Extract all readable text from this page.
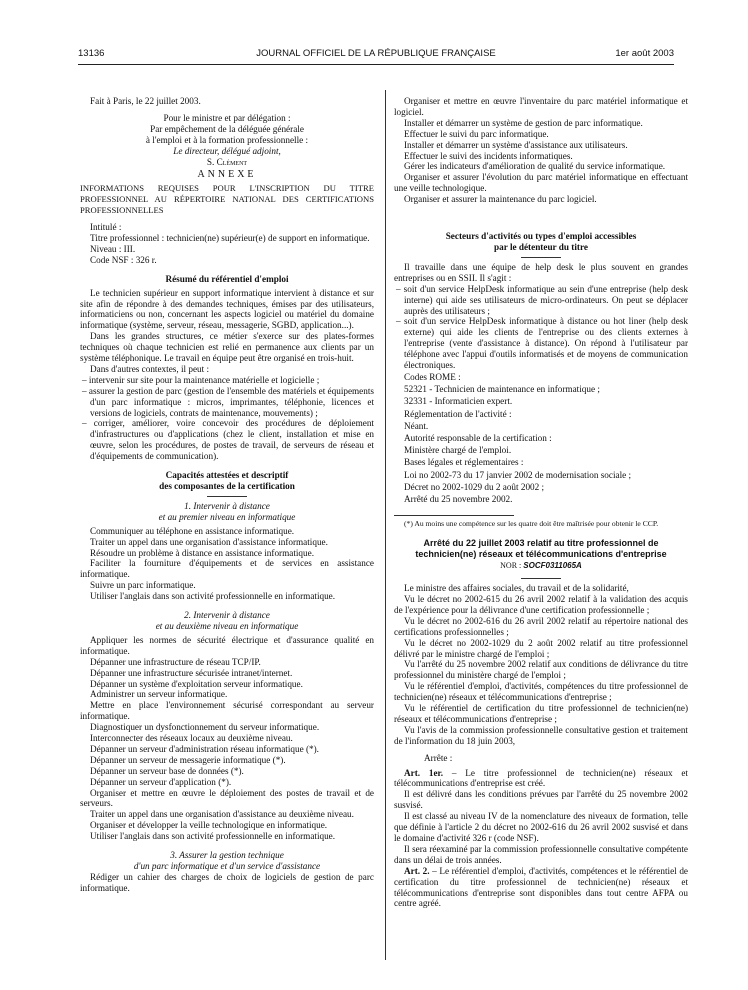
13136	JOURNAL OFFICIEL DE LA RÉPUBLIQUE FRANÇAISE	1er août 2003

Fait à Paris, le 22 juillet 2003.

Pour le ministre et par délégation :

Par empêchement de la déléguée générale

à l'emploi et à la formation professionnelle :

Le directeur, délégué adjoint,

S. Clément

ANNEXE

INFORMATIONS REQUISES POUR L'INSCRIPTION DU TITRE PROFESSIONNEL AU RÉPERTOIRE NATIONAL DES CERTIFICATIONS PROFESSIONNELLES

Intitulé :

Titre professionnel : technicien(ne) supérieur(e) de support en informatique.

Niveau : III.

Code NSF : 326 r.

Résumé du référentiel d'emploi

Le technicien supérieur en support informatique intervient à distance et sur site afin de répondre à des demandes techniques, émises par des utilisateurs, informaticiens ou non, concernant les aspects logiciel ou matériel du domaine informatique (système, serveur, réseau, messagerie, SGBD, application...).

Dans les grandes structures, ce métier s'exerce sur des plates-formes techniques où chaque technicien est relié en permanence aux clients par un système téléphonique. Le travail en équipe peut être organisé en trois-huit.

Dans d'autres contextes, il peut :

– intervenir sur site pour la maintenance matérielle et logicielle ;
– assurer la gestion de parc (gestion de l'ensemble des matériels et équipements d'un parc informatique : micros, imprimantes, téléphonie, licences et versions de logiciels, contrats de maintenance, mouvements) ;
– corriger, améliorer, voire concevoir des procédures de déploiement d'infrastructures ou d'applications (chez le client, installation et mise en œuvre, selon les procédures, de postes de travail, de serveurs de réseau et d'équipements de communication).

Capacités attestées et descriptif

des composantes de la certification

1. Intervenir à distance

et au premier niveau en informatique

Communiquer au téléphone en assistance informatique.

Traiter un appel dans une organisation d'assistance informatique.

Résoudre un problème à distance en assistance informatique.

Faciliter la fourniture d'équipements et de services en assistance informatique.

Suivre un parc informatique.

Utiliser l'anglais dans son activité professionnelle en informatique.

2. Intervenir à distance

et au deuxième niveau en informatique

Appliquer les normes de sécurité électrique et d'assurance qualité en informatique.

Dépanner une infrastructure de réseau TCP/IP.

Dépanner une infrastructure sécurisée intranet/internet.

Dépanner un système d'exploitation serveur informatique.

Administrer un serveur informatique.

Mettre en place l'environnement sécurisé correspondant au serveur informatique.

Diagnostiquer un dysfonctionnement du serveur informatique.

Interconnecter des réseaux locaux au deuxième niveau.

Dépanner un serveur d'administration réseau informatique (*).

Dépanner un serveur de messagerie informatique (*).

Dépanner un serveur base de données (*).

Dépanner un serveur d'application (*).

Organiser et mettre en œuvre le déploiement des postes de travail et de serveurs.

Traiter un appel dans une organisation d'assistance au deuxième niveau.

Organiser et développer la veille technologique en informatique.

Utiliser l'anglais dans son activité professionnelle en informatique.

3. Assurer la gestion technique

d'un parc informatique et d'un service d'assistance

Rédiger un cahier des charges de choix de logiciels de gestion de parc informatique.

Organiser et mettre en œuvre l'inventaire du parc matériel informatique et logiciel.

Installer et démarrer un système de gestion de parc informatique.

Effectuer le suivi du parc informatique.

Installer et démarrer un système d'assistance aux utilisateurs.

Effectuer le suivi des incidents informatiques.

Gérer les indicateurs d'amélioration de qualité du service informatique.

Organiser et assurer l'évolution du parc matériel informatique en effectuant une veille technologique.

Organiser et assurer la maintenance du parc logiciel.

Secteurs d'activités ou types d'emploi accessibles

par le détenteur du titre

Il travaille dans une équipe de help desk le plus souvent en grandes entreprises ou en SSII. Il s'agit :

– soit d'un service HelpDesk informatique au sein d'une entreprise (help desk interne) qui aide ses utilisateurs de micro-ordinateurs. On peut se déplacer auprès des utilisateurs ;
– soit d'un service HelpDesk informatique à distance ou hot liner (help desk externe) qui aide les clients de l'entreprise ou des clients externes à l'entreprise (vente d'assistance à distance). On répond à l'utilisateur par téléphone avec l'appui d'outils informatisés et de moyens de communication électroniques.

Codes ROME :

52321 - Technicien de maintenance en informatique ;

32331 - Informaticien expert.

Réglementation de l'activité :

Néant.

Autorité responsable de la certification :

Ministère chargé de l'emploi.

Bases légales et réglementaires :

Loi no 2002-73 du 17 janvier 2002 de modernisation sociale ;

Décret no 2002-1029 du 2 août 2002 ;

Arrêté du 25 novembre 2002.

(*) Au moins une compétence sur les quatre doit être maîtrisée pour obtenir le CCP.

Arrêté du 22 juillet 2003 relatif au titre professionnel de technicien(ne) réseaux et télécommunications d'entreprise

NOR : SOCF0311065A

Le ministre des affaires sociales, du travail et de la solidarité,

Vu le décret no 2002-615 du 26 avril 2002 relatif à la validation des acquis de l'expérience pour la délivrance d'une certification professionnelle ;

Vu le décret no 2002-616 du 26 avril 2002 relatif au répertoire national des certifications professionnelles ;

Vu le décret no 2002-1029 du 2 août 2002 relatif au titre professionnel délivré par le ministre chargé de l'emploi ;

Vu l'arrêté du 25 novembre 2002 relatif aux conditions de délivrance du titre professionnel du ministère chargé de l'emploi ;

Vu le référentiel d'emploi, d'activités, compétences du titre professionnel de technicien(ne) réseaux et télécommunications d'entreprise ;

Vu le référentiel de certification du titre professionnel de technicien(ne) réseaux et télécommunications d'entreprise ;

Vu l'avis de la commission professionnelle consultative gestion et traitement de l'information du 18 juin 2003,

Arrête :

Art. 1er. – Le titre professionnel de technicien(ne) réseaux et télécommunications d'entreprise est créé.

Il est délivré dans les conditions prévues par l'arrêté du 25 novembre 2002 susvisé.

Il est classé au niveau IV de la nomenclature des niveaux de formation, telle que définie à l'article 2 du décret no 2002-616 du 26 avril 2002 susvisé et dans le domaine d'activité 326 r (code NSF).

Il sera réexaminé par la commission professionnelle consultative compétente dans un délai de trois années.

Art. 2. – Le référentiel d'emploi, d'activités, compétences et le référentiel de certification du titre professionnel de technicien(ne) réseaux et télécommunications d'entreprise sont disponibles dans tout centre AFPA ou centre agréé.
